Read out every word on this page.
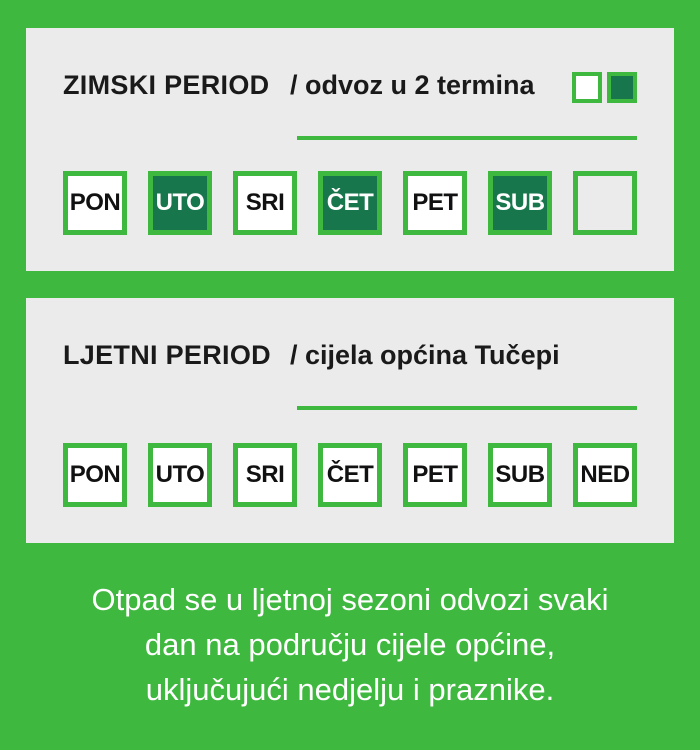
ZIMSKI PERIOD / odvoz u 2 termina
PON	UTO	SRI	ČET	PET	SUB
LJETNI PERIOD / cijela općina Tučepi
PON	UTO	SRI	ČET	PET	SUB	NED
Otpad se u ljetnoj sezoni odvozi svaki
dan na području cijele općine,
uključujući nedjelju i praznike.
